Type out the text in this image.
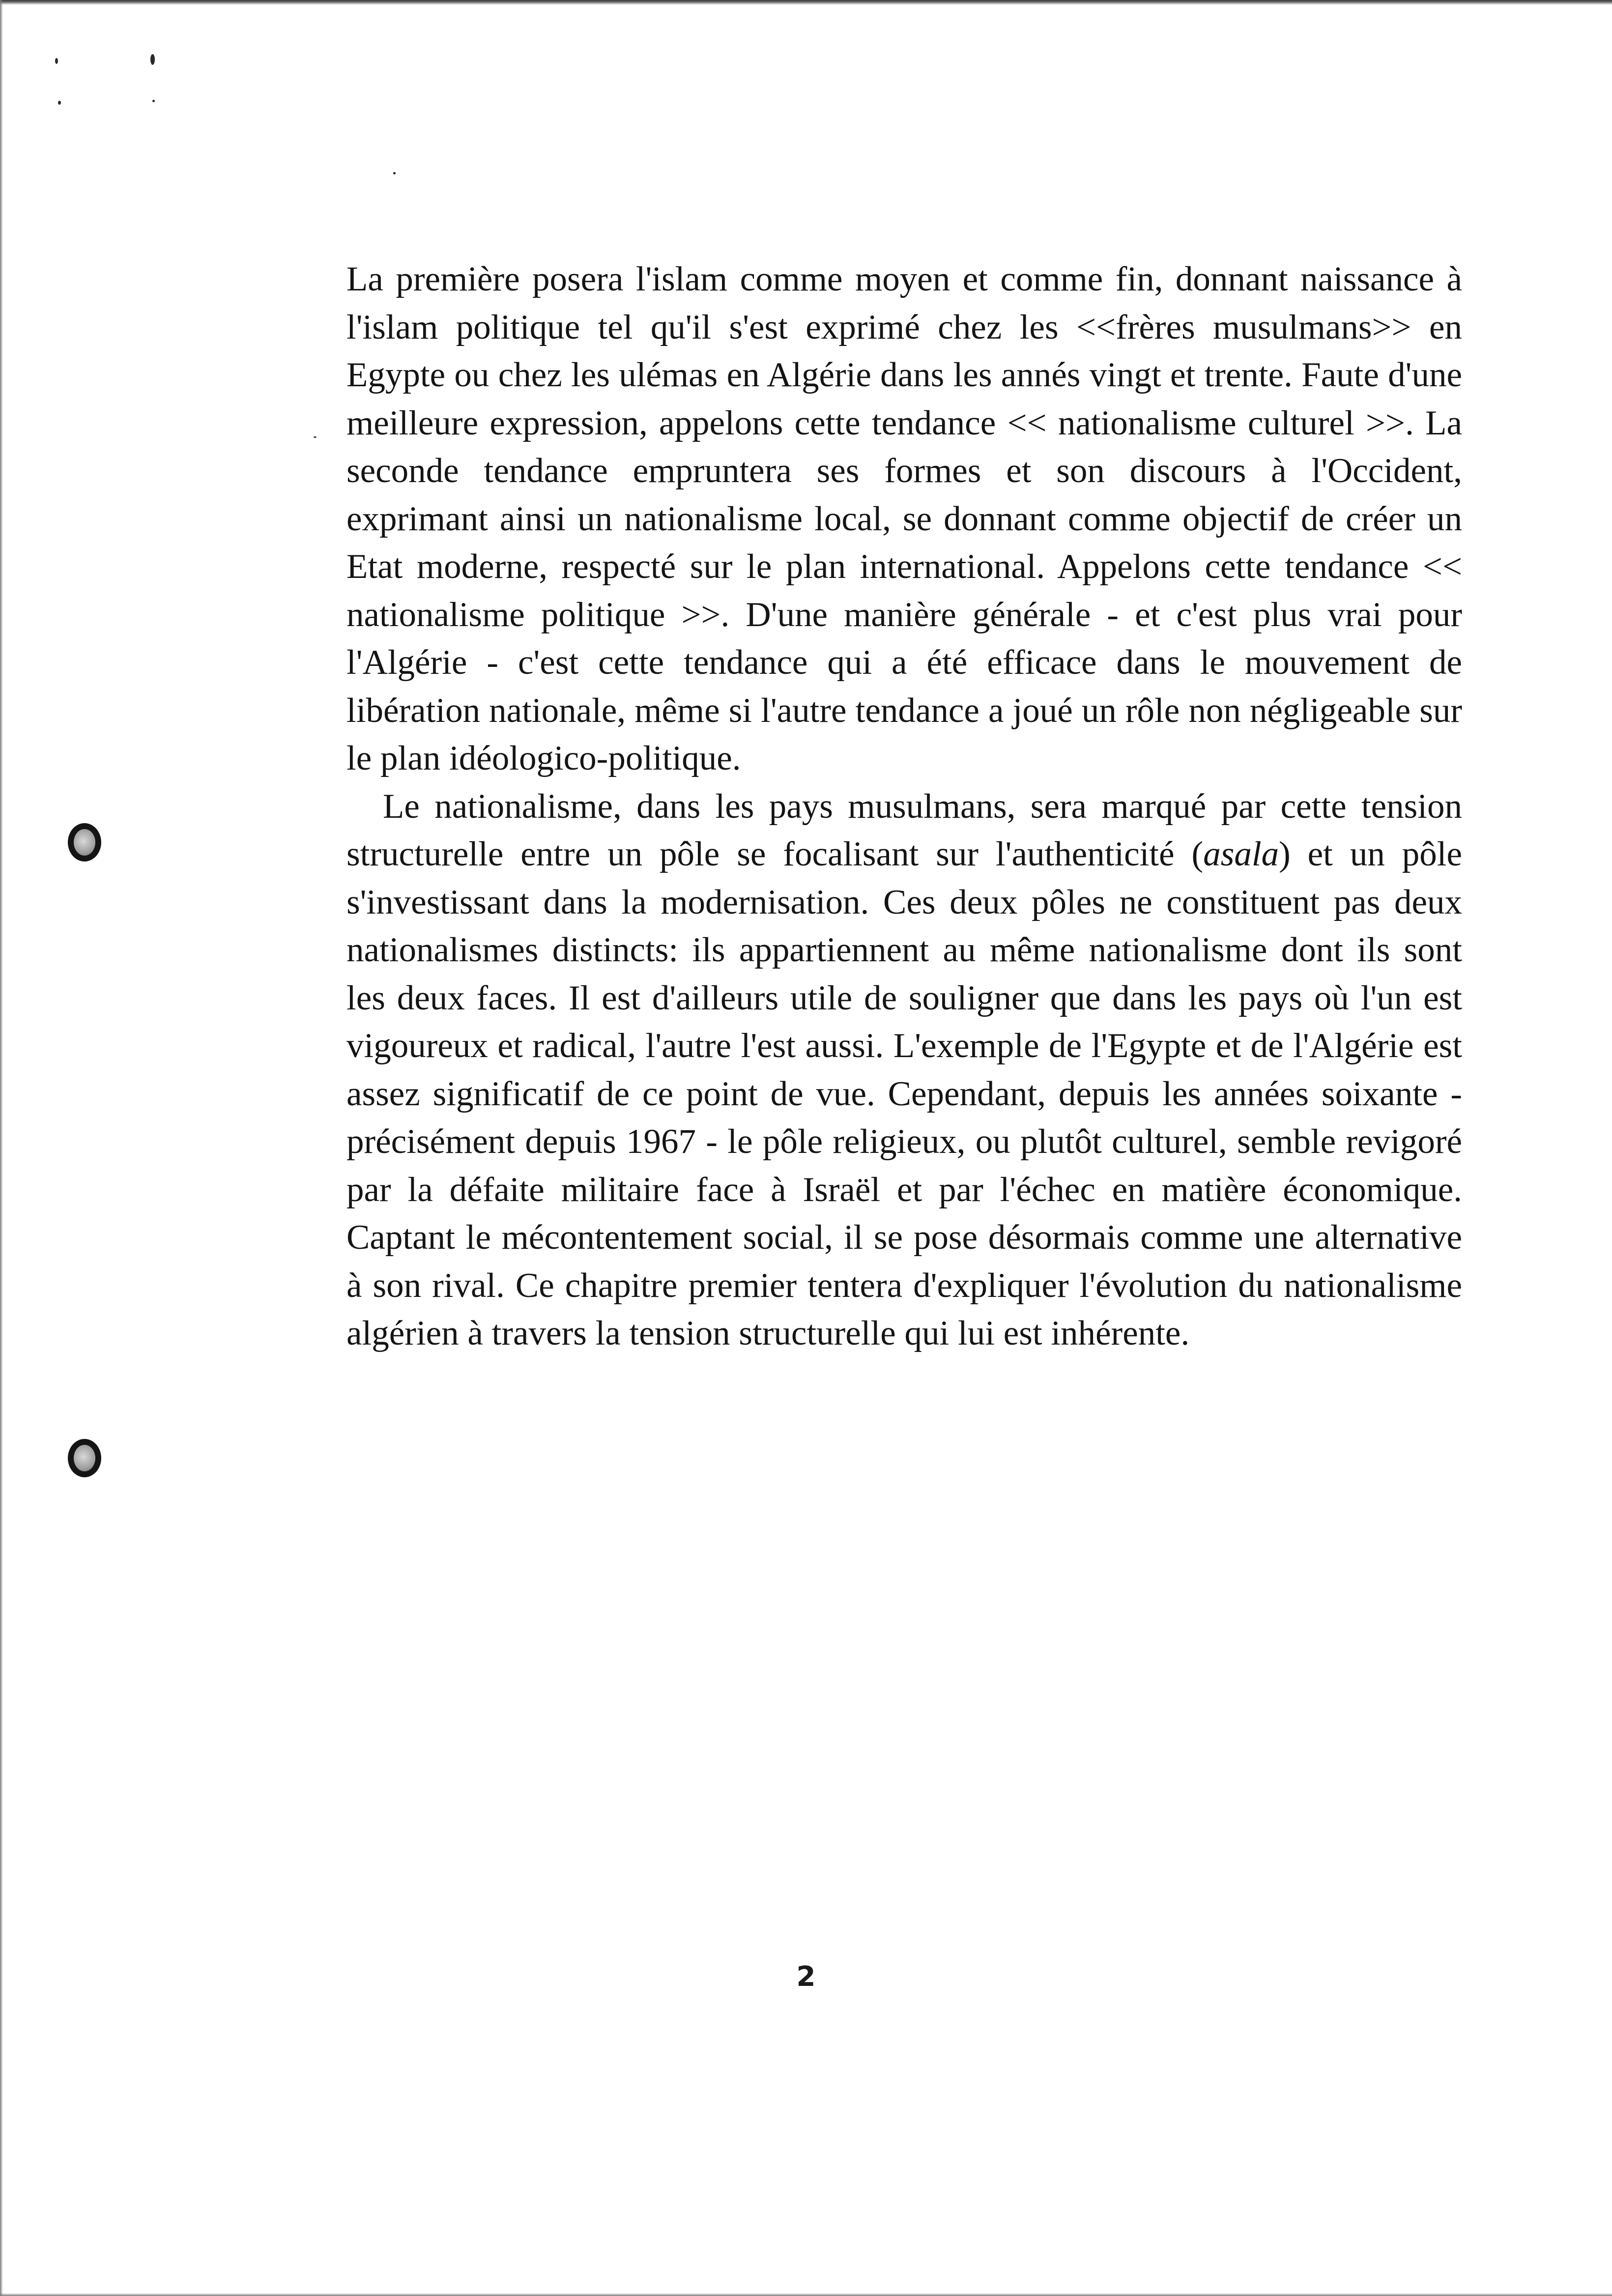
La première posera l'islam comme moyen et comme fin, donnant naissance à l'islam politique tel qu'il s'est exprimé chez les <<frères musulmans>> en Egypte ou chez les ulémas en Algérie dans les annés vingt et trente. Faute d'une meilleure expression, appelons cette tendance << nationalisme culturel >>. La seconde tendance empruntera ses formes et son discours à l'Occident, exprimant ainsi un nationalisme local, se donnant comme objectif de créer un Etat moderne, respecté sur le plan international. Appelons cette tendance << nationalisme politique >>. D'une manière générale - et c'est plus vrai pour l'Algérie - c'est cette tendance qui a été efficace dans le mouvement de libération nationale, même si l'autre tendance a joué un rôle non négligeable sur le plan idéologico-politique.

Le nationalisme, dans les pays musulmans, sera marqué par cette tension structurelle entre un pôle se focalisant sur l'authenticité (asala) et un pôle s'investissant dans la modernisation. Ces deux pôles ne constituent pas deux nationalismes distincts: ils appartiennent au même nationalisme dont ils sont les deux faces. Il est d'ailleurs utile de souligner que dans les pays où l'un est vigoureux et radical, l'autre l'est aussi. L'exemple de l'Egypte et de l'Algérie est assez significatif de ce point de vue. Cependant, depuis les années soixante - précisément depuis 1967 - le pôle religieux, ou plutôt culturel, semble revigoré par la défaite militaire face à Israël et par l'échec en matière économique. Captant le mécontentement social, il se pose désormais comme une alternative à son rival. Ce chapitre premier tentera d'expliquer l'évolution du nationalisme algérien à travers la tension structurelle qui lui est inhérente.

2
